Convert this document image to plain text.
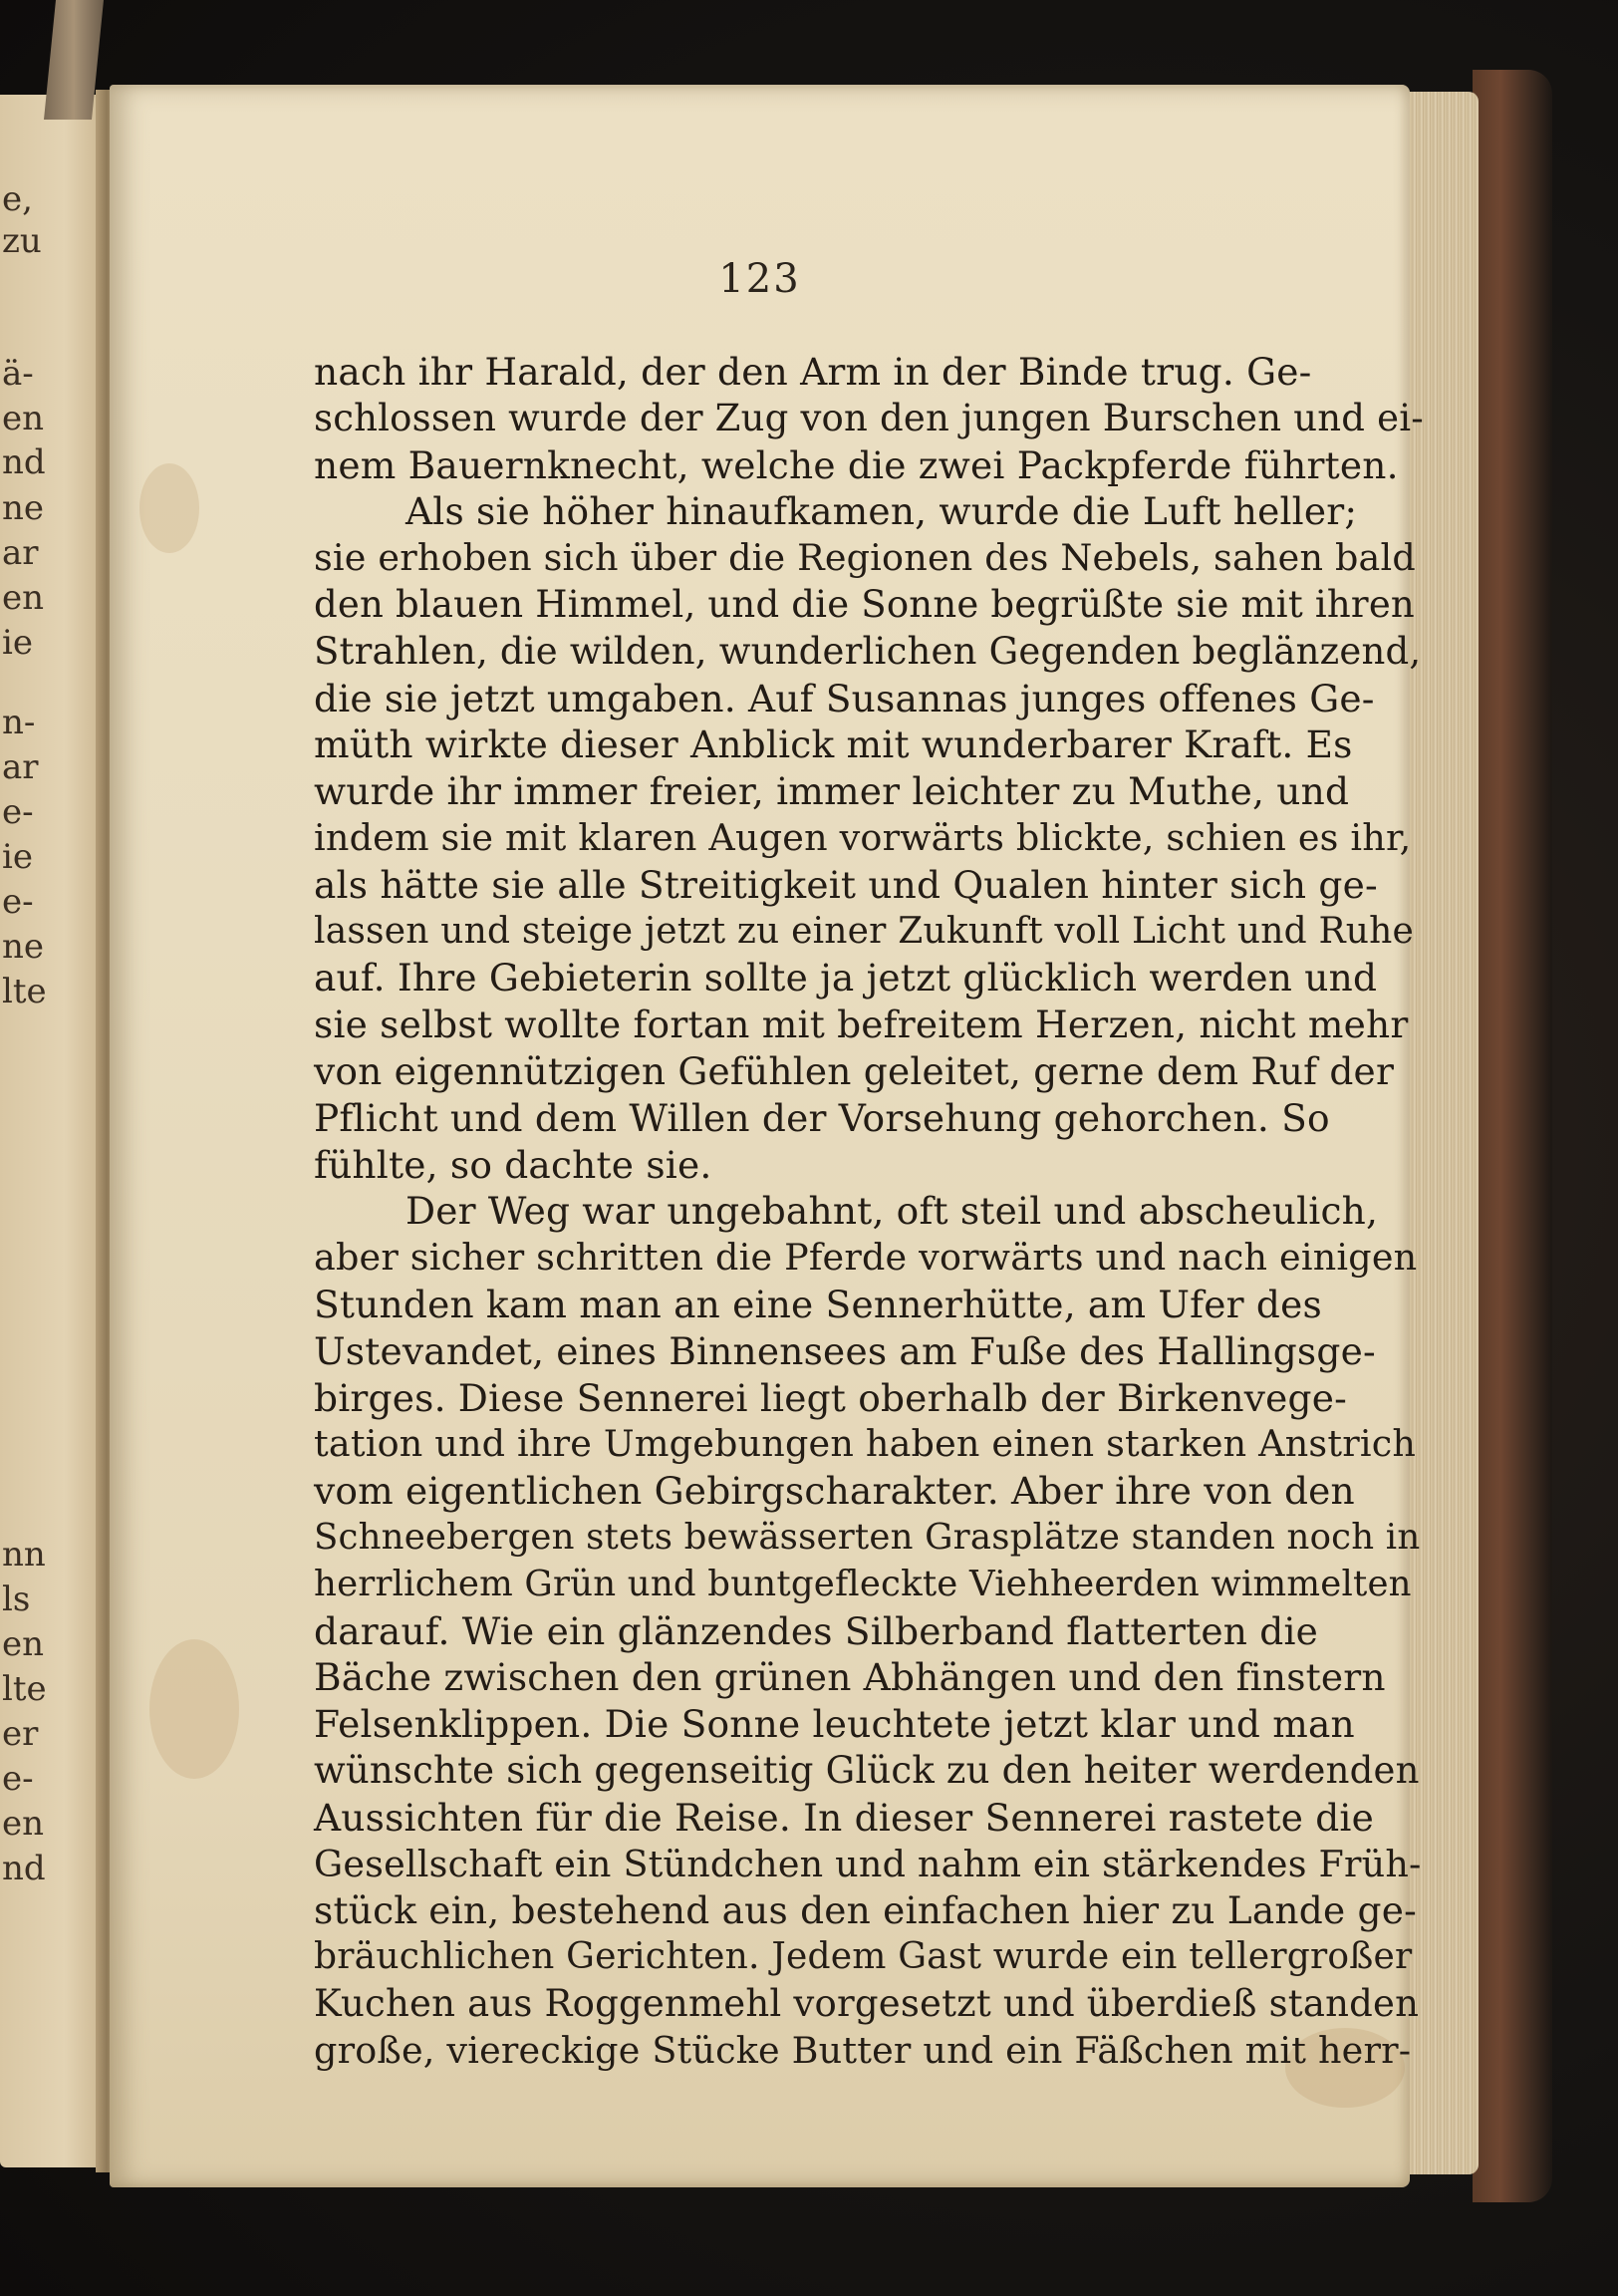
e,
zu
ä-
en
nd
ne
ar
en
ie
n-
ar
e-
ie
e-
ne
lte
nn
ls
en
lte
er
e-
en
nd
123
nach ihr Harald, der den Arm in der Binde trug. Ge-
schlossen wurde der Zug von den jungen Burschen und ei-
nem Bauernknecht, welche die zwei Packpferde führten.
Als sie höher hinaufkamen, wurde die Luft heller;
sie erhoben sich über die Regionen des Nebels, sahen bald
den blauen Himmel, und die Sonne begrüßte sie mit ihren
Strahlen, die wilden, wunderlichen Gegenden beglänzend,
die sie jetzt umgaben. Auf Susannas junges offenes Ge-
müth wirkte dieser Anblick mit wunderbarer Kraft. Es
wurde ihr immer freier, immer leichter zu Muthe, und
indem sie mit klaren Augen vorwärts blickte, schien es ihr,
als hätte sie alle Streitigkeit und Qualen hinter sich ge-
lassen und steige jetzt zu einer Zukunft voll Licht und Ruhe
auf. Ihre Gebieterin sollte ja jetzt glücklich werden und
sie selbst wollte fortan mit befreitem Herzen, nicht mehr
von eigennützigen Gefühlen geleitet, gerne dem Ruf der
Pflicht und dem Willen der Vorsehung gehorchen. So
fühlte, so dachte sie.
Der Weg war ungebahnt, oft steil und abscheulich,
aber sicher schritten die Pferde vorwärts und nach einigen
Stunden kam man an eine Sennerhütte, am Ufer des
Ustevandet, eines Binnensees am Fuße des Hallingsge-
birges. Diese Sennerei liegt oberhalb der Birkenvege-
tation und ihre Umgebungen haben einen starken Anstrich
vom eigentlichen Gebirgscharakter. Aber ihre von den
Schneebergen stets bewässerten Grasplätze standen noch in
herrlichem Grün und buntgefleckte Viehheerden wimmelten
darauf. Wie ein glänzendes Silberband flatterten die
Bäche zwischen den grünen Abhängen und den finstern
Felsenklippen. Die Sonne leuchtete jetzt klar und man
wünschte sich gegenseitig Glück zu den heiter werdenden
Aussichten für die Reise. In dieser Sennerei rastete die
Gesellschaft ein Stündchen und nahm ein stärkendes Früh-
stück ein, bestehend aus den einfachen hier zu Lande ge-
bräuchlichen Gerichten. Jedem Gast wurde ein tellergroßer
Kuchen aus Roggenmehl vorgesetzt und überdieß standen
große, viereckige Stücke Butter und ein Fäßchen mit herr-
